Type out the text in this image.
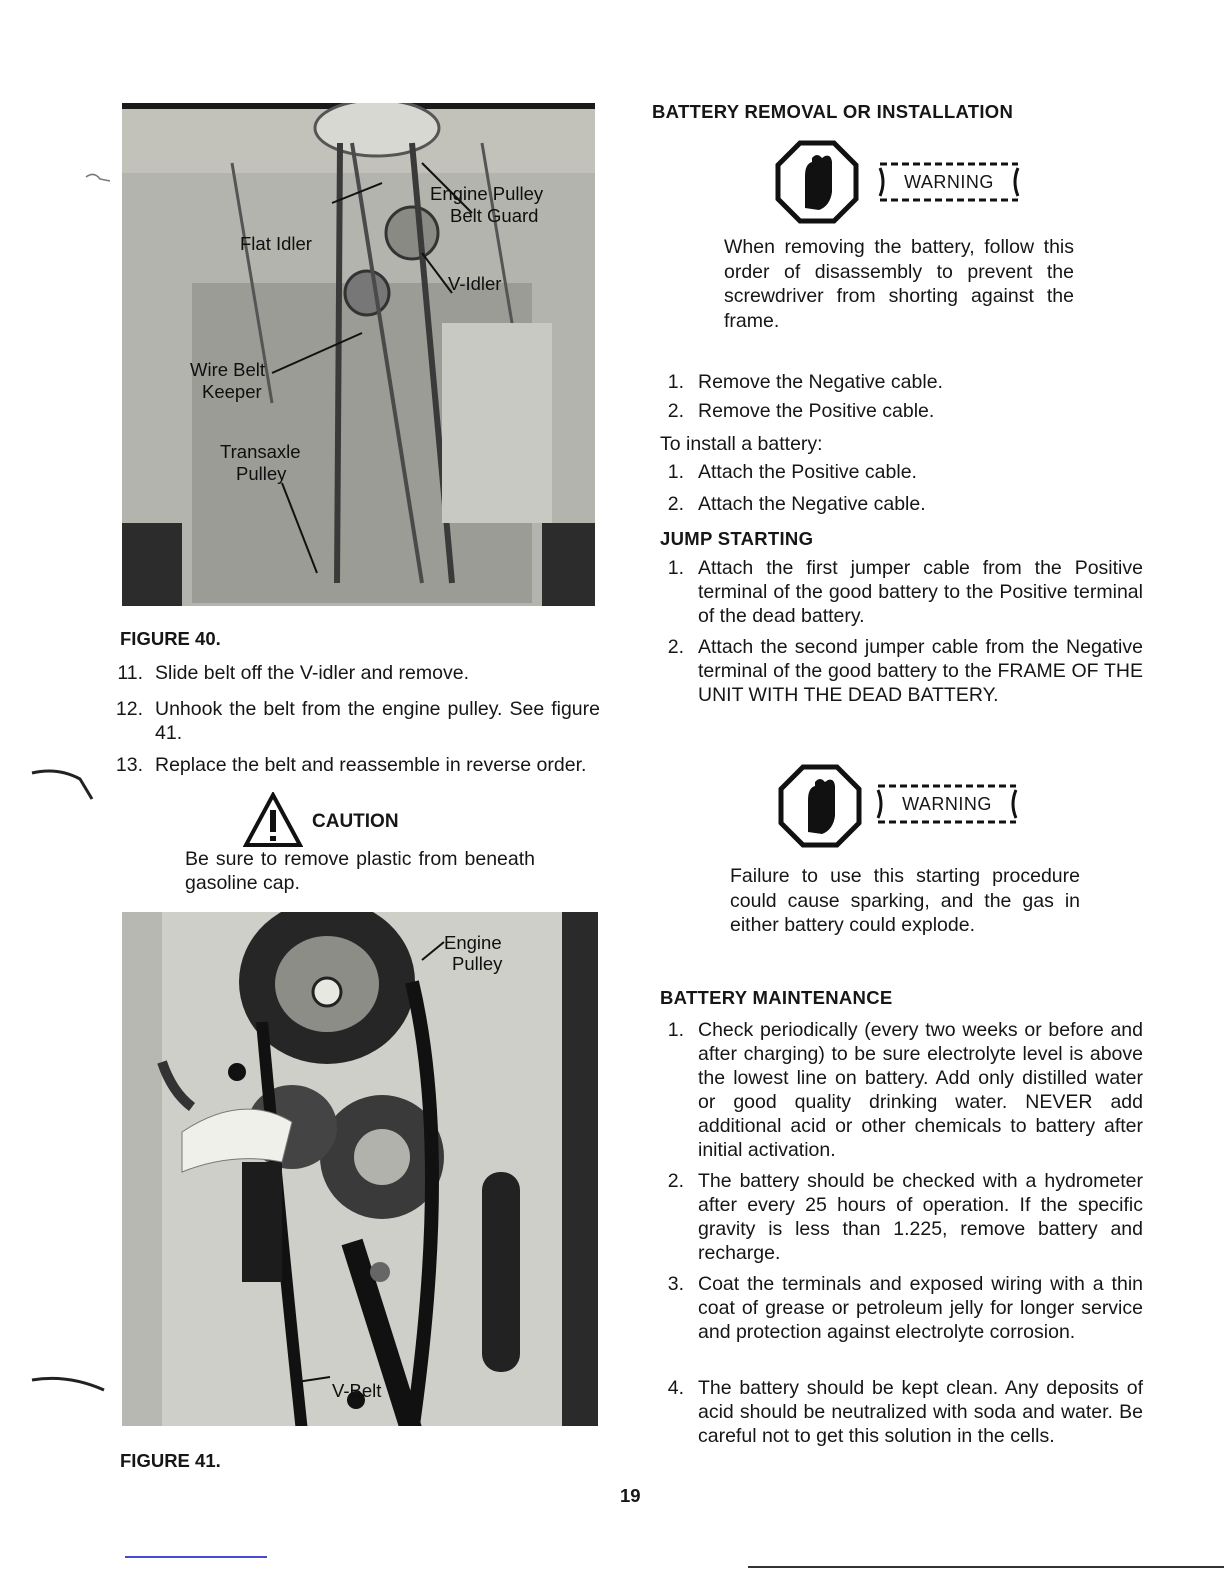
Engine Pulley
Belt Guard
Flat Idler
V-Idler
Wire Belt
Keeper
Transaxle
Pulley
FIGURE 40.
11. Slide belt off the V-idler and remove.
12. Unhook the belt from the engine pulley. See figure 41.
13. Replace the belt and reassemble in reverse order.
CAUTION
Be sure to remove plastic from beneath gasoline cap.
Engine
Pulley
V-Belt
FIGURE 41.
BATTERY REMOVAL OR INSTALLATION
WARNING
When removing the battery, follow this order of disassembly to prevent the screwdriver from shorting against the frame.
1. Remove the Negative cable.
2. Remove the Positive cable.
To install a battery:
1. Attach the Positive cable.
2. Attach the Negative cable.
JUMP STARTING
1. Attach the first jumper cable from the Positive terminal of the good battery to the Positive terminal of the dead battery.
2. Attach the second jumper cable from the Negative terminal of the good battery to the FRAME OF THE UNIT WITH THE DEAD BATTERY.
WARNING
Failure to use this starting procedure could cause sparking, and the gas in either battery could explode.
BATTERY MAINTENANCE
1. Check periodically (every two weeks or before and after charging) to be sure electrolyte level is above the lowest line on battery. Add only distilled water or good quality drinking water. NEVER add additional acid or other chemicals to battery after initial activation.
2. The battery should be checked with a hydrometer after every 25 hours of operation. If the specific gravity is less than 1.225, remove battery and recharge.
3. Coat the terminals and exposed wiring with a thin coat of grease or petroleum jelly for longer service and protection against electrolyte corrosion.
4. The battery should be kept clean. Any deposits of acid should be neutralized with soda and water. Be careful not to get this solution in the cells.
19
